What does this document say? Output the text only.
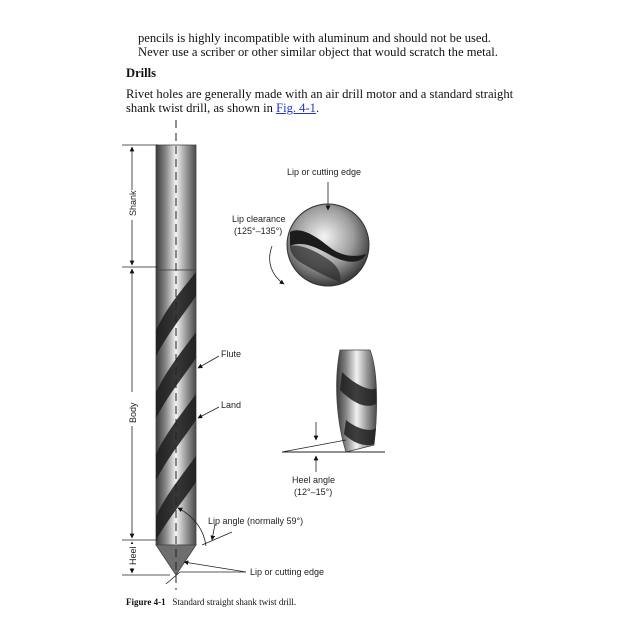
pencils is highly incompatible with aluminum and should not be used.
Never use a scriber or other similar object that would scratch the metal.
Drills
Rivet holes are generally made with an air drill motor and a standard straight
shank twist drill, as shown in Fig. 4-1.
Shank
Body
Heel
Lip or cutting edge
Lip clearance
(125°–135°)
Heel angle
(12°–15°)
Flute
Land
Lip angle (normally 59°)
Lip or cutting edge
Figure 4-1 Standard straight shank twist drill.
